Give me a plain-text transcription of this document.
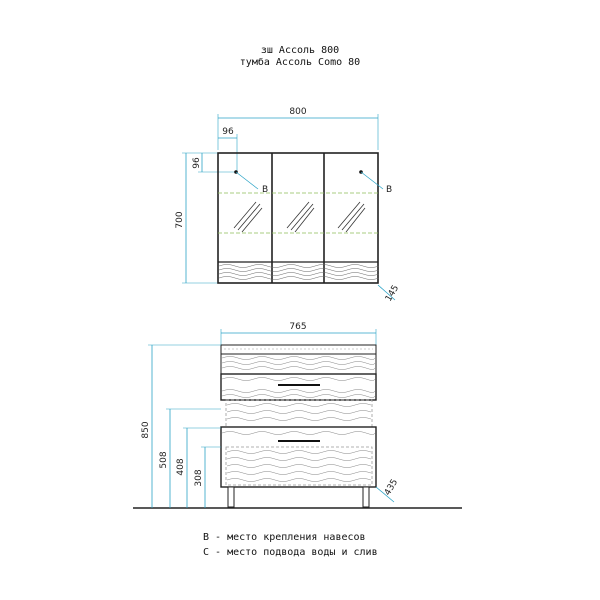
зш Ассоль 800
тумба Ассоль Como 80
800
96
96
700
B	B
145
765
850
508 408
308	435
B - место крепления навесов
C - место подвода воды и слив
